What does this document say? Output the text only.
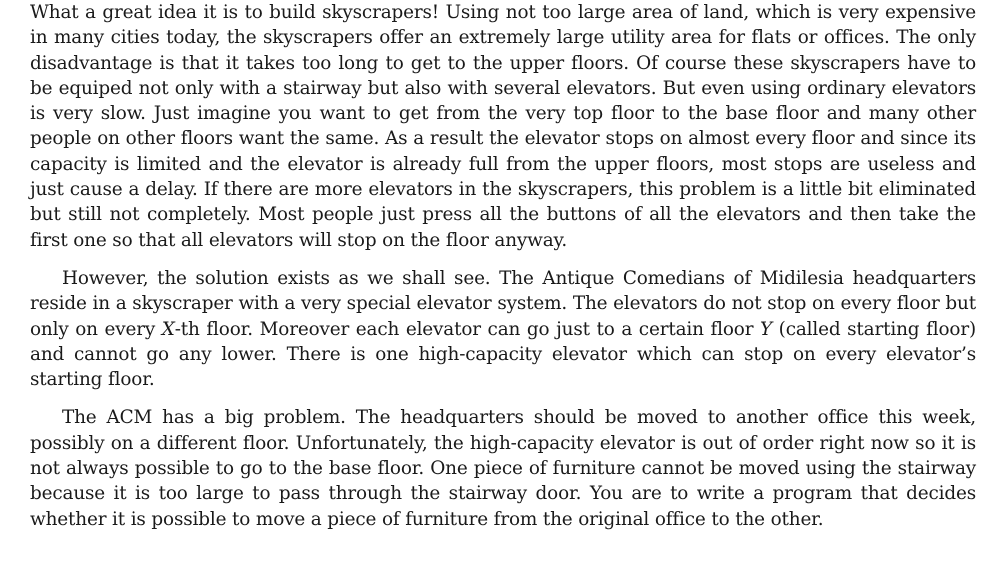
What a great idea it is to build skyscrapers! Using not too large area of land, which is very expensive in many cities today, the skyscrapers offer an extremely large utility area for flats or offices. The only disadvantage is that it takes too long to get to the upper floors. Of course these skyscrapers have to be equiped not only with a stairway but also with several elevators. But even using ordinary elevators is very slow. Just imagine you want to get from the very top floor to the base floor and many other people on other floors want the same. As a result the elevator stops on almost every floor and since its capacity is limited and the elevator is already full from the upper floors, most stops are useless and just cause a delay. If there are more elevators in the skyscrapers, this problem is a little bit eliminated but still not completely. Most people just press all the buttons of all the elevators and then take the first one so that all elevators will stop on the floor anyway.

However, the solution exists as we shall see. The Antique Comedians of Midilesia headquarters reside in a skyscraper with a very special elevator system. The elevators do not stop on every floor but only on every X-th floor. Moreover each elevator can go just to a certain floor Y (called starting floor) and cannot go any lower. There is one high-capacity elevator which can stop on every elevator’s starting floor.

The ACM has a big problem. The headquarters should be moved to another office this week, possibly on a different floor. Unfortunately, the high-capacity elevator is out of order right now so it is not always possible to go to the base floor. One piece of furniture cannot be moved using the stairway because it is too large to pass through the stairway door. You are to write a program that decides whether it is possible to move a piece of furniture from the original office to the other.
